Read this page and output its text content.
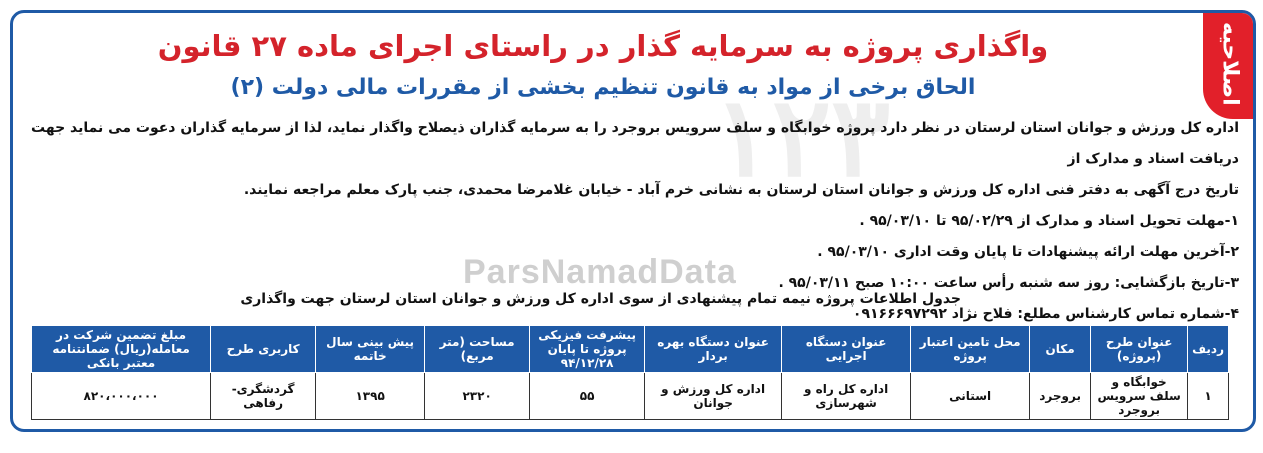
۱۲۳
ParsNamadData
اصلاحیه
واگذاری پروژه به سرمایه گذار در راستای اجرای ماده ۲۷ قانون
الحاق برخی از مواد به قانون تنظیم بخشی از مقررات مالی دولت (۲)

اداره کل ورزش و جوانان استان لرستان در نظر دارد پروژه خوابگاه و سلف سرویس بروجرد را به سرمایه گذاران ذیصلاح واگذار نماید، لذا از سرمایه گذاران دعوت می نماید جهت دریافت اسناد و مدارک از

تاریخ درج آگهی به دفتر فنی اداره کل ورزش و جوانان استان لرستان به نشانی خرم آباد - خیابان غلامرضا محمدی، جنب پارک معلم مراجعه نمایند.

۱-مهلت تحویل اسناد و مدارک از ۹۵/۰۲/۲۹ تا ۹۵/۰۳/۱۰ .

۲-آخرین مهلت ارائه پیشنهادات تا پایان وقت اداری ۹۵/۰۳/۱۰ .

۳-تاریخ بازگشایی: روز سه شنبه رأس ساعت ۱۰:۰۰ صبح ۹۵/۰۳/۱۱ .

۴-شماره تماس کارشناس مطلع: فلاح نژاد ۰۹۱۶۶۶۹۷۲۹۲

جدول اطلاعات پروژه نیمه تمام پیشنهادی از سوی اداره کل ورزش و جوانان استان لرستان جهت واگذاری
ردیف	عنوان طرح (پروژه)	مکان	محل تامین اعتبار پروژه	عنوان دستگاه اجرایی	عنوان دستگاه بهره بردار	پیشرفت فیزیکی پروژه تا پایان ۹۴/۱۲/۲۸	مساحت (متر مربع)	پیش بینی سال خاتمه	کاربری طرح	مبلغ تضمین شرکت در معامله(ریال) ضمانتنامه معتبر بانکی
۱	خوابگاه و سلف سرویس بروجرد	بروجرد	استانی	اداره کل راه و شهرسازی	اداره کل ورزش و جوانان	۵۵	۲۳۲۰	۱۳۹۵	گردشگری-رفاهی	۸۲۰،۰۰۰،۰۰۰
